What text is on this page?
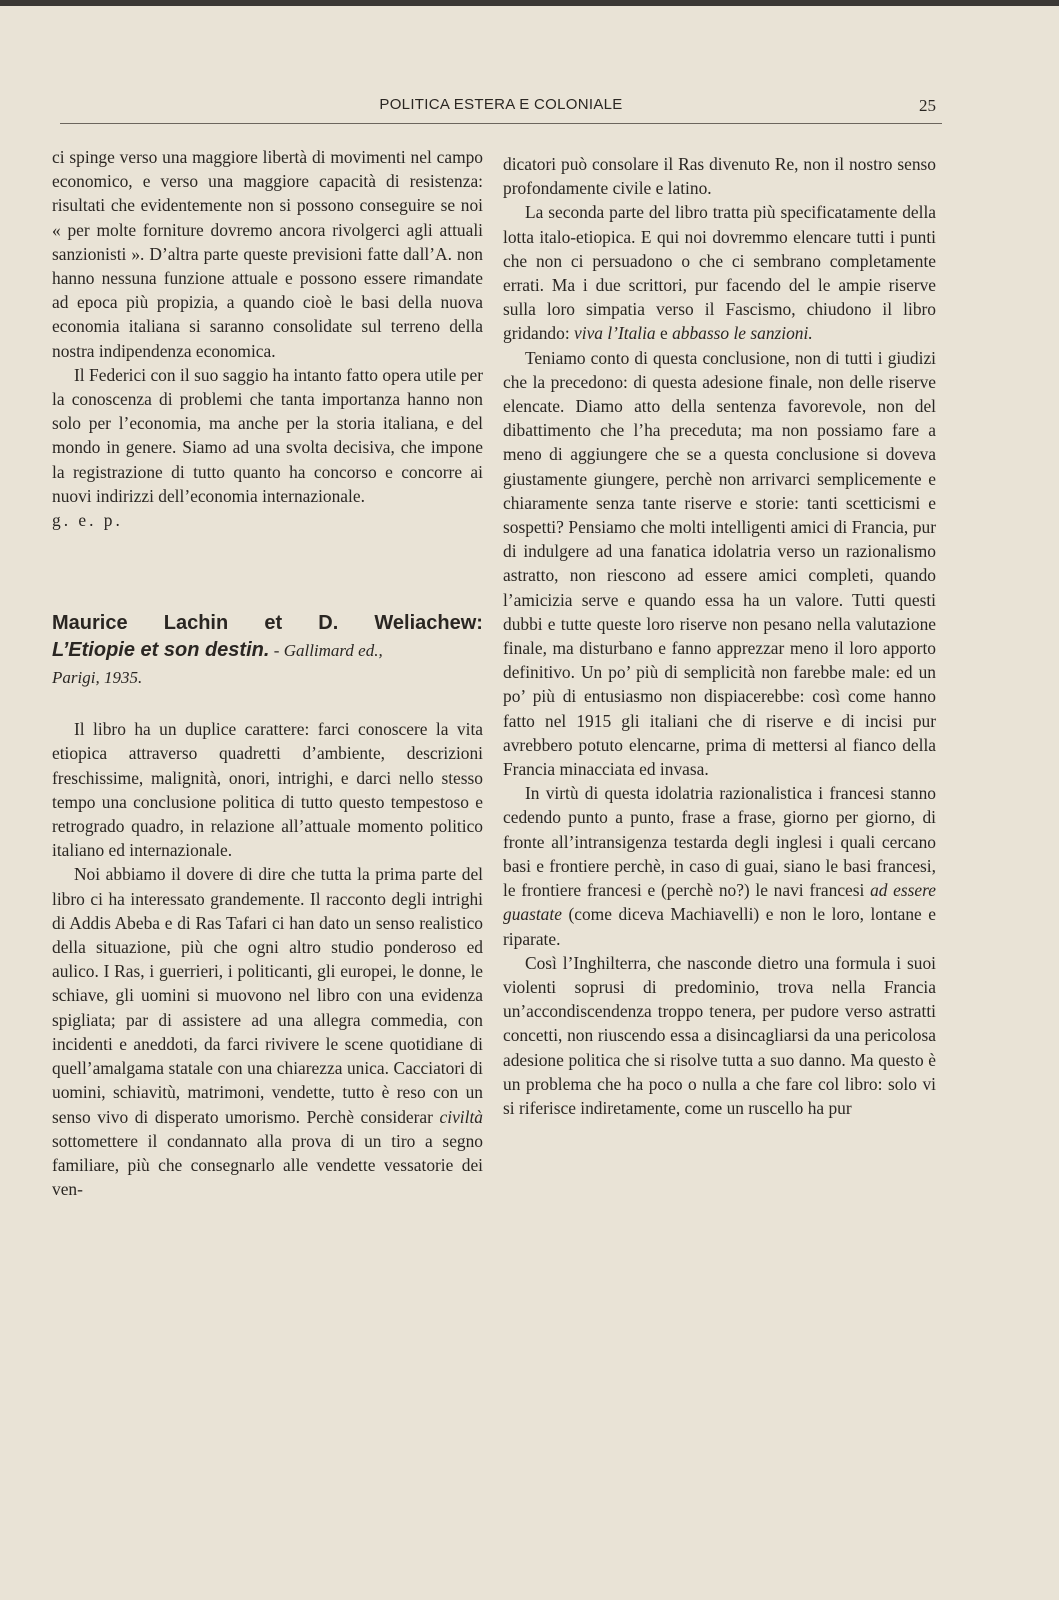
POLITICA ESTERA E COLONIALE	25

ci spinge verso una maggiore libertà di movimenti nel campo economico, e verso una maggiore capacità di resistenza: risultati che evidentemente non si possono conseguire se noi « per molte forniture dovremo ancora rivolgerci agli attuali sanzionisti ». D’altra parte queste previsioni fatte dall’A. non hanno nessuna funzione attuale e possono essere rimandate ad epoca più propizia, a quando cioè le basi della nuova economia italiana si saranno consolidate sul terreno della nostra indipendenza economica.

Il Federici con il suo saggio ha intanto fatto opera utile per la conoscenza di problemi che tanta importanza hanno non solo per l’economia, ma anche per la storia italiana, e del mondo in genere. Siamo ad una svolta decisiva, che impone la registrazione di tutto quanto ha concorso e concorre ai nuovi indirizzi dell’economia internazionale.

g. e. p.

Maurice Lachin et D. Weliachew:
L’Etiopie et son destin. - Gallimard ed.,
Parigi, 1935.

Il libro ha un duplice carattere: farci conoscere la vita etiopica attraverso quadretti d’ambiente, descrizioni freschissime, malignità, onori, intrighi, e darci nello stesso tempo una conclusione politica di tutto questo tempestoso e retrogrado quadro, in relazione all’attuale momento politico italiano ed internazionale.

Noi abbiamo il dovere di dire che tutta la prima parte del libro ci ha interessato grandemente. Il racconto degli intrighi di Addis Abeba e di Ras Tafari ci han dato un senso realistico della situazione, più che ogni altro studio ponderoso ed aulico. I Ras, i guerrieri, i politicanti, gli europei, le donne, le schiave, gli uomini si muovono nel libro con una evidenza spigliata; par di assistere ad una allegra commedia, con incidenti e aneddoti, da farci rivivere le scene quotidiane di quell’amalgama statale con una chiarezza unica. Cacciatori di uomini, schiavitù, matrimoni, vendette, tutto è reso con un senso vivo di disperato umorismo. Perchè considerar civiltà sottomettere il condannato alla prova di un tiro a segno familiare, più che consegnarlo alle vendette vessatorie dei ven-

dicatori può consolare il Ras divenuto Re, non il nostro senso profondamente civile e latino.

La seconda parte del libro tratta più specificatamente della lotta italo-etiopica. E qui noi dovremmo elencare tutti i punti che non ci persuadono o che ci sembrano completamente errati. Ma i due scrittori, pur facendo del le ampie riserve sulla loro simpatia verso il Fascismo, chiudono il libro gridando: viva l’Italia e abbasso le sanzioni.

Teniamo conto di questa conclusione, non di tutti i giudizi che la precedono: di questa adesione finale, non delle riserve elencate. Diamo atto della sentenza favorevole, non del dibattimento che l’ha preceduta; ma non possiamo fare a meno di aggiungere che se a questa conclusione si doveva giustamente giungere, perchè non arrivarci semplicemente e chiaramente senza tante riserve e storie: tanti scetticismi e sospetti? Pensiamo che molti intelligenti amici di Francia, pur di indulgere ad una fanatica idolatria verso un razionalismo astratto, non riescono ad essere amici completi, quando l’amicizia serve e quando essa ha un valore. Tutti questi dubbi e tutte queste loro riserve non pesano nella valutazione finale, ma disturbano e fanno apprezzar meno il loro apporto definitivo. Un po’ più di semplicità non farebbe male: ed un po’ più di entusiasmo non dispiacerebbe: così come hanno fatto nel 1915 gli italiani che di riserve e di incisi pur avrebbero potuto elencarne, prima di mettersi al fianco della Francia minacciata ed invasa.

In virtù di questa idolatria razionalistica i francesi stanno cedendo punto a punto, frase a frase, giorno per giorno, di fronte all’intransigenza testarda degli inglesi i quali cercano basi e frontiere perchè, in caso di guai, siano le basi francesi, le frontiere francesi e (perchè no?) le navi francesi ad essere guastate (come diceva Machiavelli) e non le loro, lontane e riparate.

Così l’Inghilterra, che nasconde dietro una formula i suoi violenti soprusi di predominio, trova nella Francia un’accondiscendenza troppo tenera, per pudore verso astratti concetti, non riuscendo essa a disincagliarsi da una pericolosa adesione politica che si risolve tutta a suo danno. Ma questo è un problema che ha poco o nulla a che fare col libro: solo vi si riferisce indiretamente, come un ruscello ha pur
